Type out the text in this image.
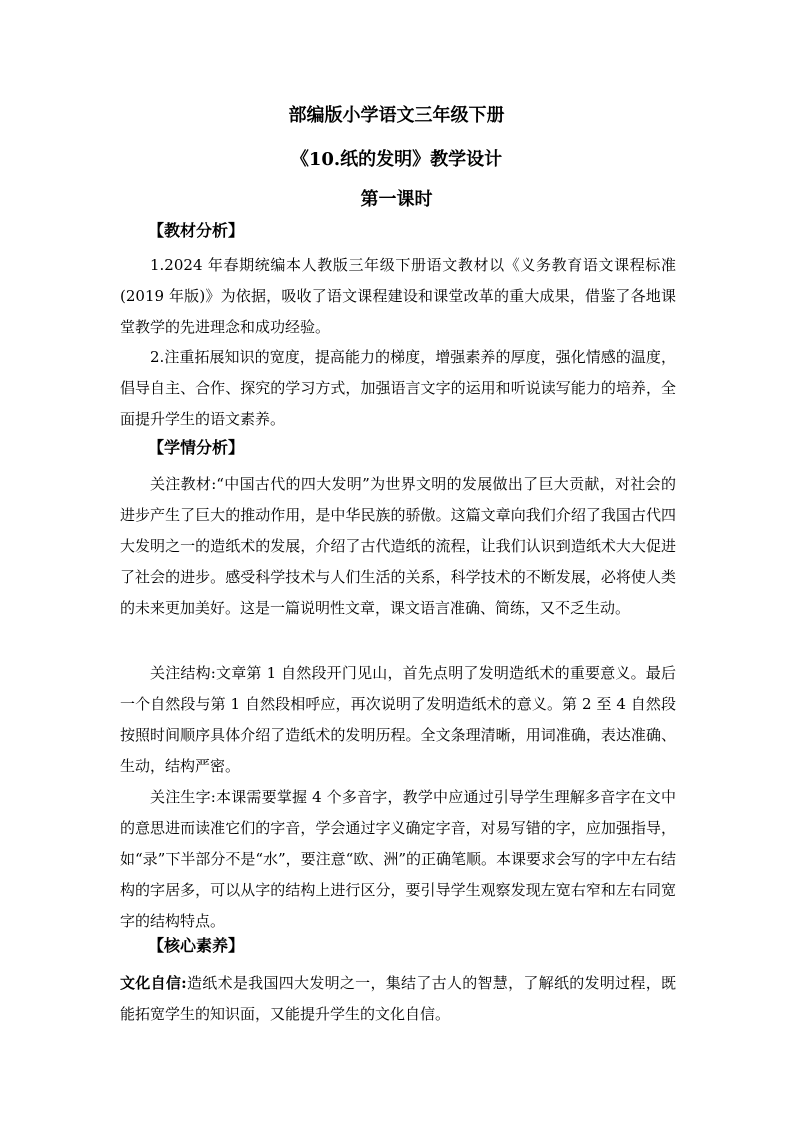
部编版小学语文三年级下册
《10.纸的发明》教学设计
第一课时
【教材分析】
1.2024 年春期统编本人教版三年级下册语文教材以《义务教育语文课程标准(2019 年版)》为依据，吸收了语文课程建设和课堂改革的重大成果，借鉴了各地课堂教学的先进理念和成功经验。
2.注重拓展知识的宽度，提高能力的梯度，增强素养的厚度，强化情感的温度，倡导自主、合作、探究的学习方式，加强语言文字的运用和听说读写能力的培养，全面提升学生的语文素养。
【学情分析】
关注教材:“中国古代的四大发明”为世界文明的发展做出了巨大贡献，对社会的进步产生了巨大的推动作用，是中华民族的骄傲。这篇文章向我们介绍了我国古代四大发明之一的造纸术的发展，介绍了古代造纸的流程，让我们认识到造纸术大大促进了社会的进步。感受科学技术与人们生活的关系，科学技术的不断发展，必将使人类的未来更加美好。这是一篇说明性文章，课文语言准确、简练，又不乏生动。
关注结构:文章第 1 自然段开门见山，首先点明了发明造纸术的重要意义。最后一个自然段与第 1 自然段相呼应，再次说明了发明造纸术的意义。第 2 至 4 自然段按照时间顺序具体介绍了造纸术的发明历程。全文条理清晰，用词准确，表达准确、生动，结构严密。
关注生字:本课需要掌握 4 个多音字，教学中应通过引导学生理解多音字在文中的意思进而读准它们的字音，学会通过字义确定字音，对易写错的字，应加强指导，如“录”下半部分不是“水”，要注意“欧、洲”的正确笔顺。本课要求会写的字中左右结构的字居多，可以从字的结构上进行区分，要引导学生观察发现左宽右窄和左右同宽字的结构特点。
【核心素养】
文化自信:造纸术是我国四大发明之一，集结了古人的智慧，了解纸的发明过程，既能拓宽学生的知识面，又能提升学生的文化自信。
